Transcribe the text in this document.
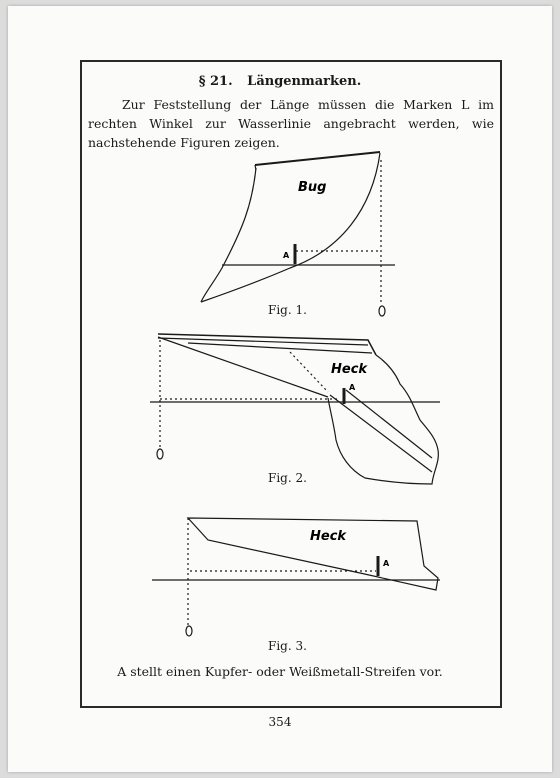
§ 21. Längenmarken.
Zur Feststellung der Länge müssen die Marken L im rechten Winkel zur Wasserlinie angebracht werden, wie nachstehende Figuren zeigen.
Bug
A
Heck
A
Heck
A
Fig. 1.
Fig. 2.
Fig. 3.
A stellt einen Kupfer- oder Weißmetall-Streifen vor.
354
